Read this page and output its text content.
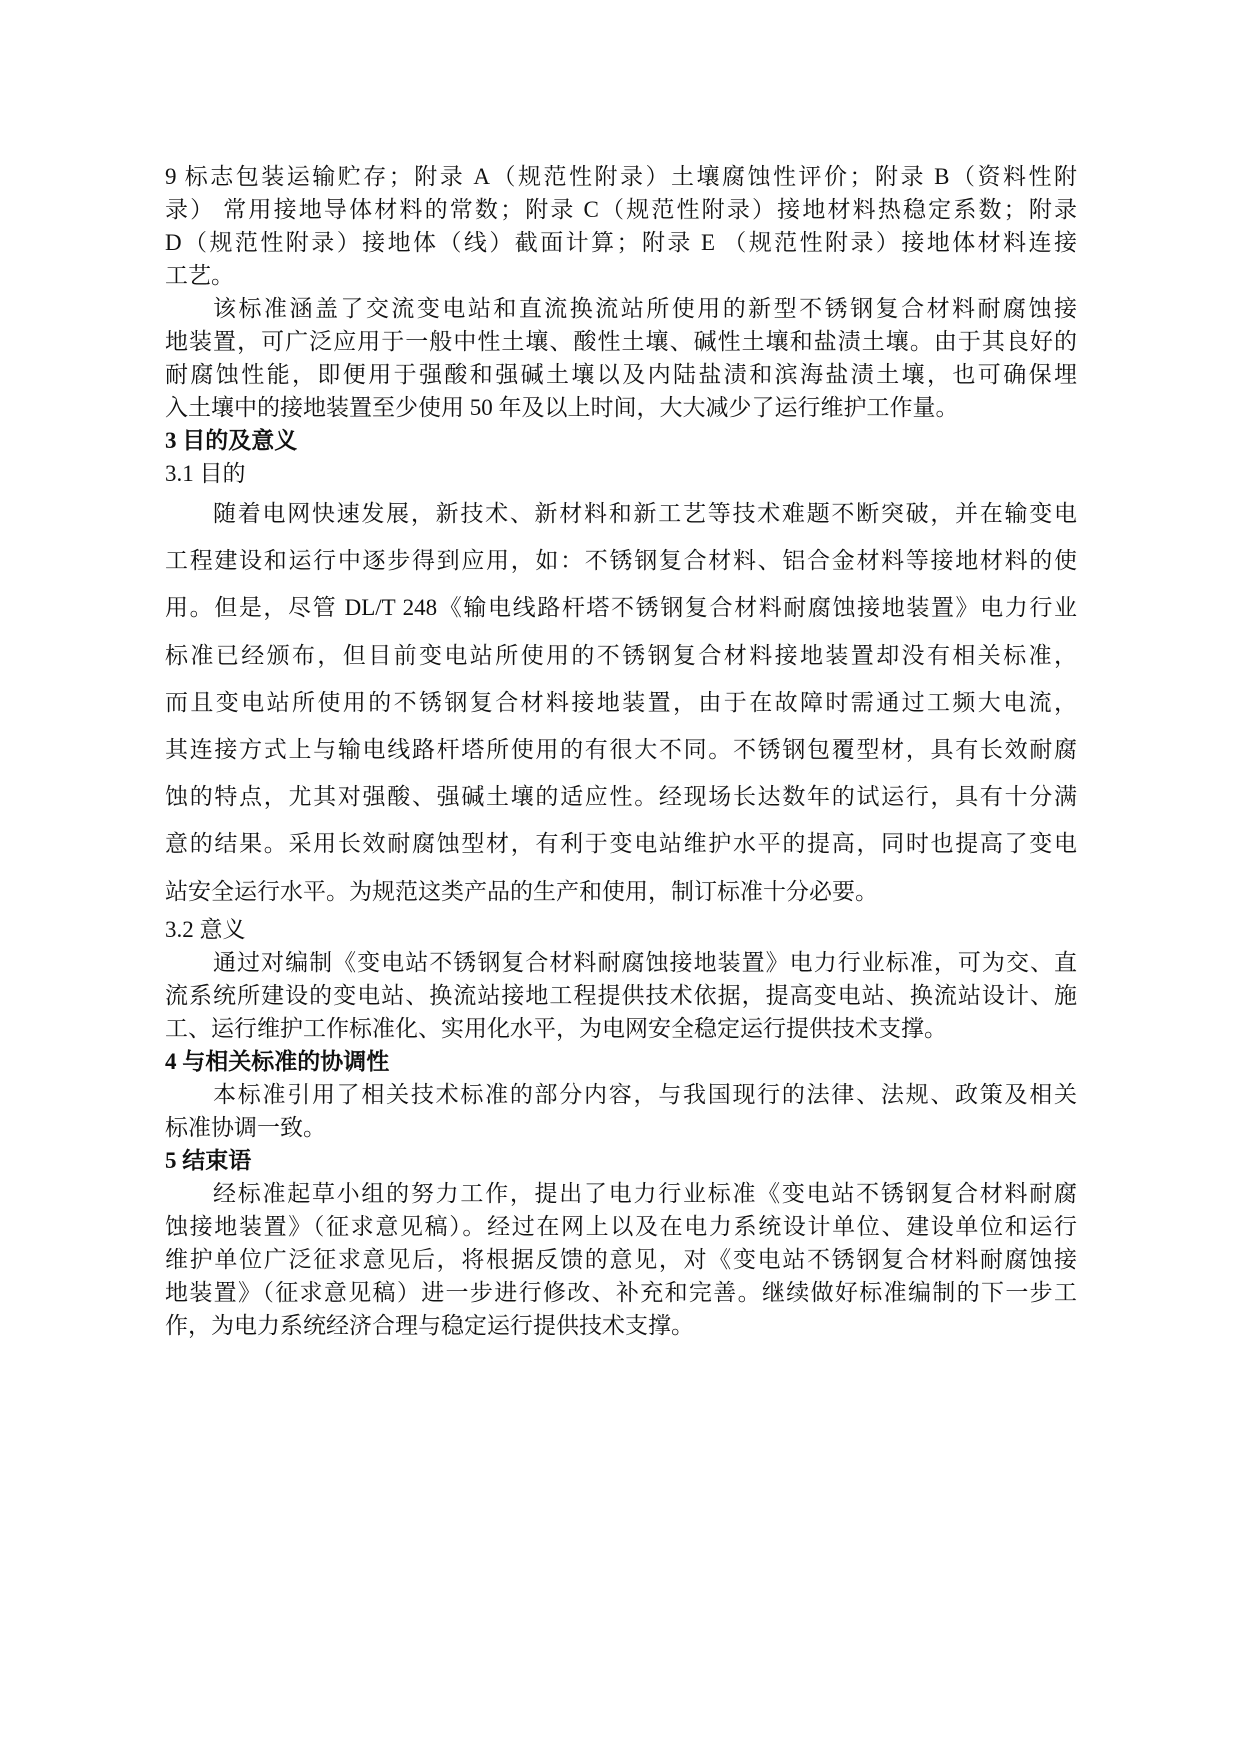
9 标志包装运输贮存；附录 A（规范性附录）土壤腐蚀性评价；附录 B（资料性附
录） 常用接地导体材料的常数；附录 C（规范性附录）接地材料热稳定系数；附录
D（规范性附录）接地体（线）截面计算；附录 E （规范性附录）接地体材料连接
工艺。
该标准涵盖了交流变电站和直流换流站所使用的新型不锈钢复合材料耐腐蚀接
地装置，可广泛应用于一般中性土壤、酸性土壤、碱性土壤和盐渍土壤。由于其良好的
耐腐蚀性能，即便用于强酸和强碱土壤以及内陆盐渍和滨海盐渍土壤，也可确保埋
入土壤中的接地装置至少使用 50 年及以上时间，大大减少了运行维护工作量。
3 目的及意义
3.1 目的
随着电网快速发展，新技术、新材料和新工艺等技术难题不断突破，并在输变电
工程建设和运行中逐步得到应用，如：不锈钢复合材料、铝合金材料等接地材料的使
用。但是，尽管 DL/T 248《输电线路杆塔不锈钢复合材料耐腐蚀接地装置》电力行业
标准已经颁布，但目前变电站所使用的不锈钢复合材料接地装置却没有相关标准，
而且变电站所使用的不锈钢复合材料接地装置，由于在故障时需通过工频大电流，
其连接方式上与输电线路杆塔所使用的有很大不同。不锈钢包覆型材，具有长效耐腐
蚀的特点，尤其对强酸、强碱土壤的适应性。经现场长达数年的试运行，具有十分满
意的结果。采用长效耐腐蚀型材，有利于变电站维护水平的提高，同时也提高了变电
站安全运行水平。为规范这类产品的生产和使用，制订标准十分必要。
3.2 意义
通过对编制《变电站不锈钢复合材料耐腐蚀接地装置》电力行业标准，可为交、直
流系统所建设的变电站、换流站接地工程提供技术依据，提高变电站、换流站设计、施
工、运行维护工作标准化、实用化水平，为电网安全稳定运行提供技术支撑。
4 与相关标准的协调性
本标准引用了相关技术标准的部分内容，与我国现行的法律、法规、政策及相关
标准协调一致。
5 结束语
经标准起草小组的努力工作，提出了电力行业标准《变电站不锈钢复合材料耐腐
蚀接地装置》（征求意见稿）。经过在网上以及在电力系统设计单位、建设单位和运行
维护单位广泛征求意见后，将根据反馈的意见，对《变电站不锈钢复合材料耐腐蚀接
地装置》（征求意见稿）进一步进行修改、补充和完善。继续做好标准编制的下一步工
作，为电力系统经济合理与稳定运行提供技术支撑。
